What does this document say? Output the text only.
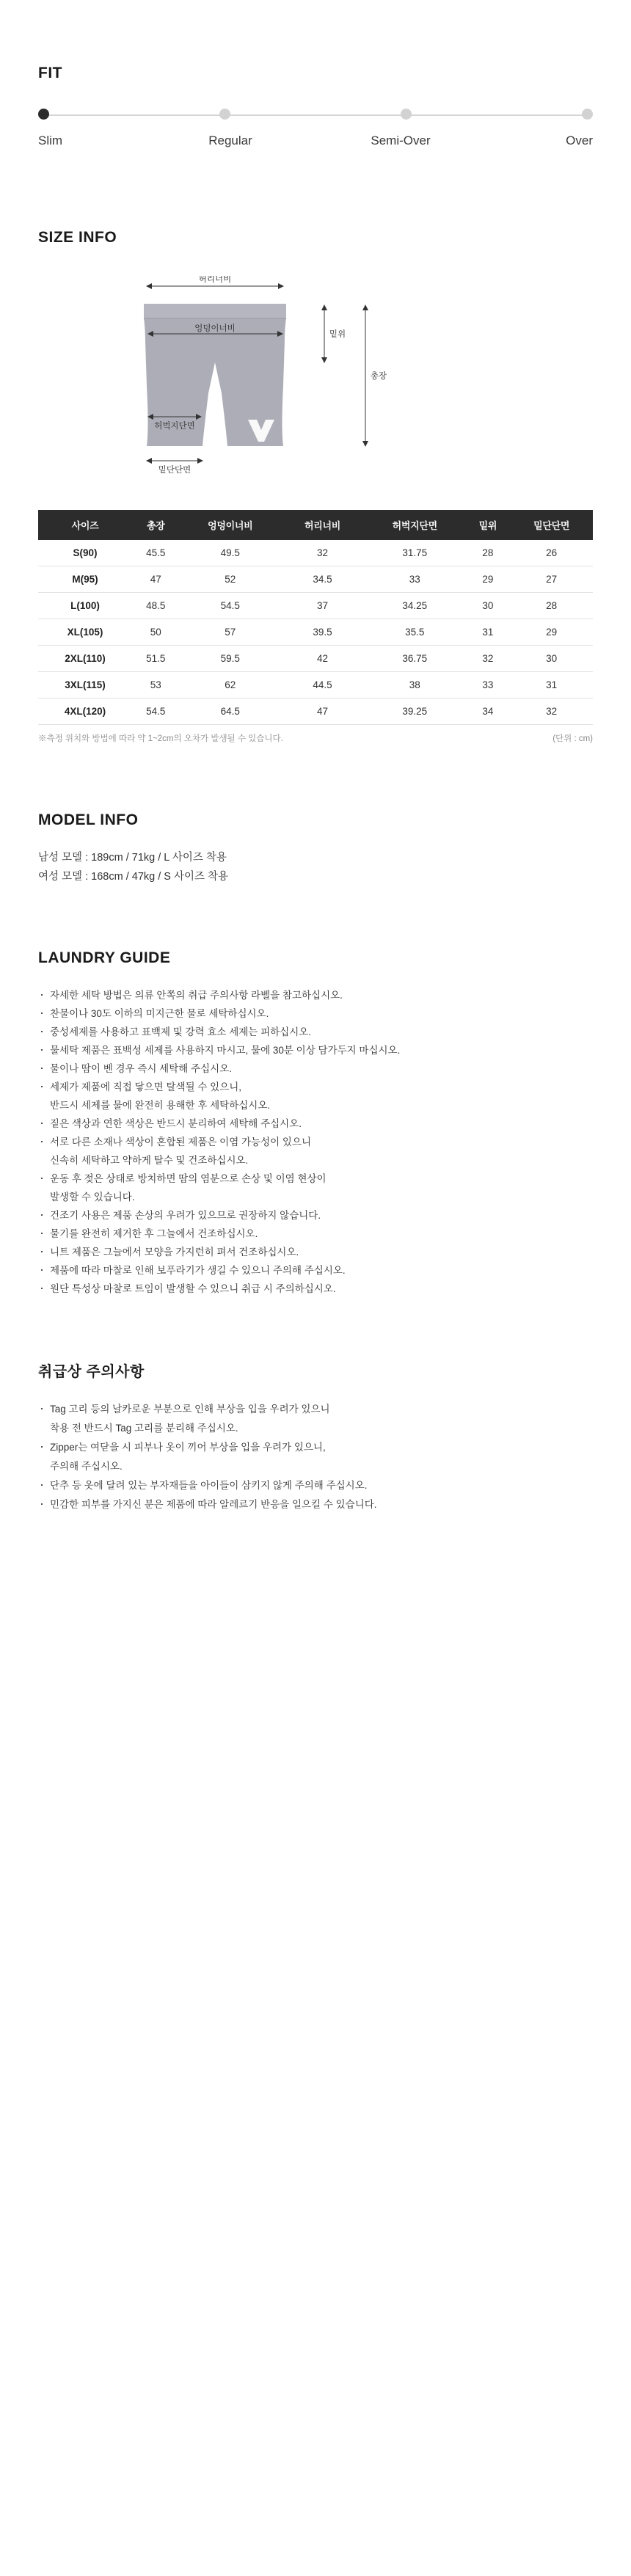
FIT
Slim	Regular	Semi-Over	Over
SIZE INFO
허리너비
엉덩이너비
허벅지단면
밑단단면
밑위
총장
사이즈	총장	엉덩이너비	허리너비	허벅지단면	밑위	밑단단면
S(90)	45.5	49.5	32	31.75	28	26
M(95)	47	52	34.5	33	29	27
L(100)	48.5	54.5	37	34.25	30	28
XL(105)	50	57	39.5	35.5	31	29
2XL(110)	51.5	59.5	42	36.75	32	30
3XL(115)	53	62	44.5	38	33	31
4XL(120)	54.5	64.5	47	39.25	34	32
※측정 위치와 방법에 따라 약 1~2cm의 오차가 발생될 수 있습니다.	(단위 : cm)
MODEL INFO
남성 모델 : 189cm / 71kg / L 사이즈 착용
여성 모델 : 168cm / 47kg / S 사이즈 착용
LAUNDRY GUIDE
· 자세한 세탁 방법은 의류 안쪽의 취급 주의사항 라벨을 참고하십시오.
· 찬물이나 30도 이하의 미지근한 물로 세탁하십시오.
· 중성세제를 사용하고 표백제 및 강력 효소 세제는 피하십시오.
· 물세탁 제품은 표백성 세제를 사용하지 마시고, 물에 30분 이상 담가두지 마십시오.
· 물이나 땀이 벤 경우 즉시 세탁해 주십시오.
· 세제가 제품에 직접 닿으면 탈색될 수 있으니,
반드시 세제를 물에 완전히 용해한 후 세탁하십시오.
· 짙은 색상과 연한 색상은 반드시 분리하여 세탁해 주십시오.
· 서로 다른 소재나 색상이 혼합된 제품은 이염 가능성이 있으니
신속히 세탁하고 약하게 탈수 및 건조하십시오.
· 운동 후 젖은 상태로 방치하면 땀의 염분으로 손상 및 이염 현상이
발생할 수 있습니다.
· 건조기 사용은 제품 손상의 우려가 있으므로 권장하지 않습니다.
· 물기를 완전히 제거한 후 그늘에서 건조하십시오.
· 니트 제품은 그늘에서 모양을 가지런히 펴서 건조하십시오.
· 제품에 따라 마찰로 인해 보푸라기가 생길 수 있으니 주의해 주십시오.
· 원단 특성상 마찰로 트임이 발생할 수 있으니 취급 시 주의하십시오.
취급상 주의사항
· Tag 고리 등의 날카로운 부분으로 인해 부상을 입을 우려가 있으니
착용 전 반드시 Tag 고리를 분리해 주십시오.
· Zipper는 여닫을 시 피부나 옷이 끼어 부상을 입을 우려가 있으니,
주의해 주십시오.
· 단추 등 옷에 달려 있는 부자재들을 아이들이 삼키지 않게 주의해 주십시오.
· 민감한 피부를 가지신 분은 제품에 따라 알레르기 반응을 일으킬 수 있습니다.
